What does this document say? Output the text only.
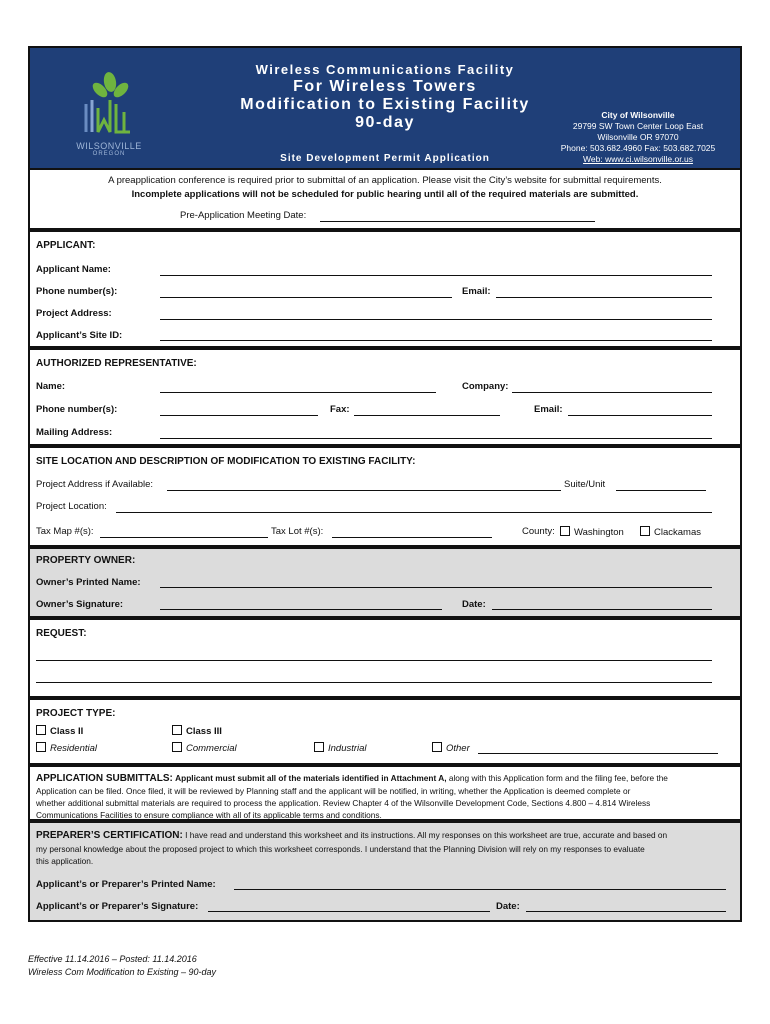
WILSONVILLE
OREGON
Wireless Communications Facility
For Wireless Towers
Modification to Existing Facility
90-day
Site Development Permit Application
City of Wilsonville
29799 SW Town Center Loop East
Wilsonville OR 97070
Phone: 503.682.4960 Fax: 503.682.7025
Web: www.ci.wilsonville.or.us
A preapplication conference is required prior to submittal of an application. Please visit the City’s website for submittal requirements.
Incomplete applications will not be scheduled for public hearing until all of the required materials are submitted.
Pre-Application Meeting Date:
APPLICANT:
Applicant Name:
Phone number(s):	Email:
Project Address:
Applicant’s Site ID:
AUTHORIZED REPRESENTATIVE:
Name:	Company:
Phone number(s):	Fax:	Email:
Mailing Address:
SITE LOCATION AND DESCRIPTION OF MODIFICATION TO EXISTING FACILITY:
Project Address if Available:	Suite/Unit
Project Location:
Tax Map #(s):	Tax Lot #(s):	County:	Washington	Clackamas
PROPERTY OWNER:
Owner’s Printed Name:
Owner’s Signature:	Date:
REQUEST:
PROJECT TYPE:
Class II	Class III
Residential	Commercial	Industrial	Other
APPLICATION SUBMITTALS: Applicant must submit all of the materials identified in Attachment A, along with this Application form and the filing fee, before the
Application can be filed. Once filed, it will be reviewed by Planning staff and the applicant will be notified, in writing, whether the Application is deemed complete or
whether additional submittal materials are required to process the application. Review Chapter 4 of the Wilsonville Development Code, Sections 4.800 – 4.814 Wireless
Communications Facilities to ensure compliance with all of its applicable terms and conditions.
PREPARER’S CERTIFICATION: I have read and understand this worksheet and its instructions. All my responses on this worksheet are true, accurate and based on
my personal knowledge about the proposed project to which this worksheet corresponds. I understand that the Planning Division will rely on my responses to evaluate
this application.
Applicant’s or Preparer’s Printed Name:
Applicant’s or Preparer’s Signature:	Date:
Effective 11.14.2016 – Posted: 11.14.2016
Wireless Com Modification to Existing – 90-day
